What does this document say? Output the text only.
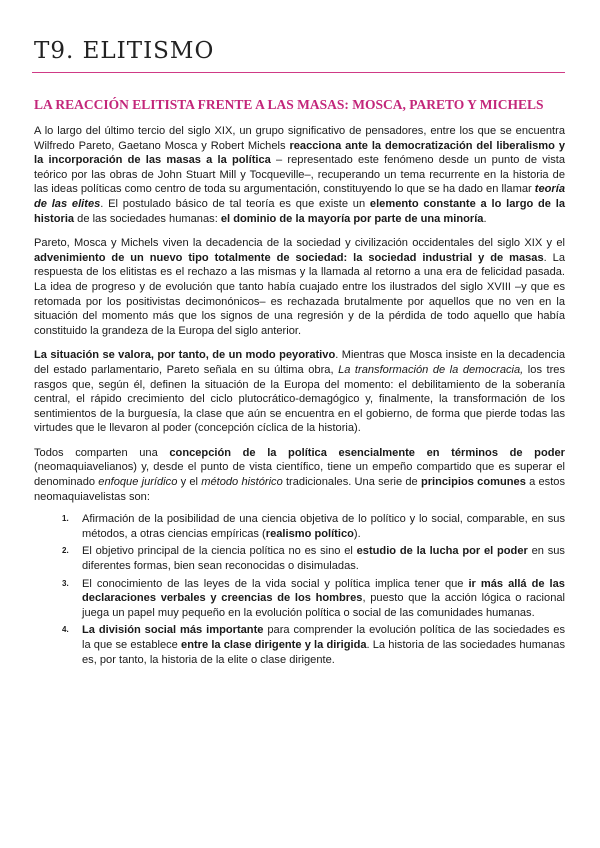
T9. ELITISMO
LA REACCIÓN ELITISTA FRENTE A LAS MASAS: MOSCA, PARETO Y MICHELS

A lo largo del último tercio del siglo XIX, un grupo significativo de pensadores, entre los que se encuentra Wilfredo Pareto, Gaetano Mosca y Robert Michels reacciona ante la democratización del liberalismo y la incorporación de las masas a la política – representado este fenómeno desde un punto de vista teórico por las obras de John Stuart Mill y Tocqueville–, recuperando un tema recurrente en la historia de las ideas políticas como centro de toda su argumentación, constituyendo lo que se ha dado en llamar teoría de las elites. El postulado básico de tal teoría es que existe un elemento constante a lo largo de la historia de las sociedades humanas: el dominio de la mayoría por parte de una minoría.

Pareto, Mosca y Michels viven la decadencia de la sociedad y civilización occidentales del siglo XIX y el advenimiento de un nuevo tipo totalmente de sociedad: la sociedad industrial y de masas. La respuesta de los elitistas es el rechazo a las mismas y la llamada al retorno a una era de felicidad pasada. La idea de progreso y de evolución que tanto había cuajado entre los ilustrados del siglo XVIII –y que es retomada por los positivistas decimonónicos– es rechazada brutalmente por aquellos que no ven en la situación del momento más que los signos de una regresión y de la pérdida de todo aquello que había constituido la grandeza de la Europa del siglo anterior.

La situación se valora, por tanto, de un modo peyorativo. Mientras que Mosca insiste en la decadencia del estado parlamentario, Pareto señala en su última obra, La transformación de la democracia, los tres rasgos que, según él, definen la situación de la Europa del momento: el debilitamiento de la soberanía central, el rápido crecimiento del ciclo plutocrático-demagógico y, finalmente, la transformación de los sentimientos de la burguesía, la clase que aún se encuentra en el gobierno, de forma que pierde todas las virtudes que le llevaron al poder (concepción cíclica de la historia).

Todos comparten una concepción de la política esencialmente en términos de poder (neomaquiavelianos) y, desde el punto de vista científico, tiene un empeño compartido que es superar el denominado enfoque jurídico y el método histórico tradicionales. Una serie de principios comunes a estos neomaquiavelistas son:

1. Afirmación de la posibilidad de una ciencia objetiva de lo político y lo social, comparable, en sus métodos, a otras ciencias empíricas (realismo político).
2. El objetivo principal de la ciencia política no es sino el estudio de la lucha por el poder en sus diferentes formas, bien sean reconocidas o disimuladas.
3. El conocimiento de las leyes de la vida social y política implica tener que ir más allá de las declaraciones verbales y creencias de los hombres, puesto que la acción lógica o racional juega un papel muy pequeño en la evolución política o social de las comunidades humanas.
4. La división social más importante para comprender la evolución política de las sociedades es la que se establece entre la clase dirigente y la dirigida. La historia de las sociedades humanas es, por tanto, la historia de la elite o clase dirigente.
